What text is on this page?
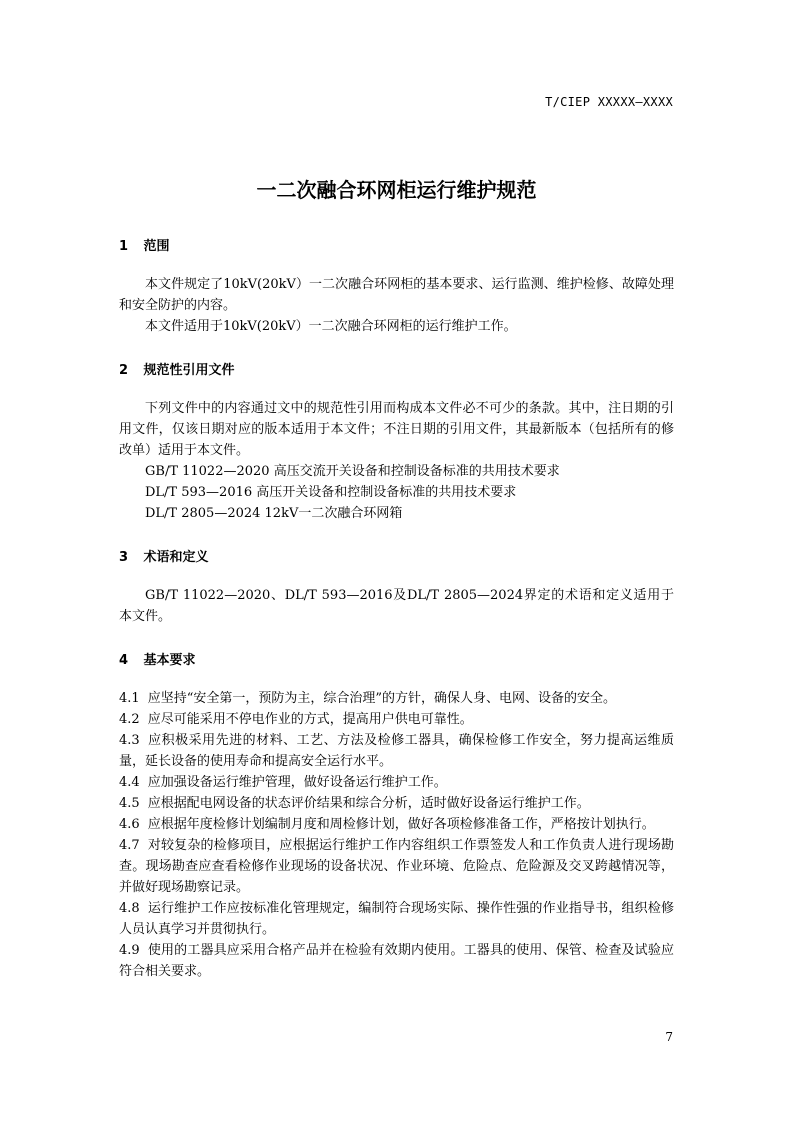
T/CIEP XXXXX—XXXX
一二次融合环网柜运行维护规范
1 范围

本文件规定了10kV(20kV）一二次融合环网柜的基本要求、运行监测、维护检修、故障处理和安全防护的内容。

本文件适用于10kV(20kV）一二次融合环网柜的运行维护工作。

2 规范性引用文件

下列文件中的内容通过文中的规范性引用而构成本文件必不可少的条款。其中，注日期的引用文件，仅该日期对应的版本适用于本文件；不注日期的引用文件，其最新版本（包括所有的修改单）适用于本文件。

GB/T 11022—2020 高压交流开关设备和控制设备标准的共用技术要求

DL/T 593—2016 高压开关设备和控制设备标准的共用技术要求

DL/T 2805—2024 12kV一二次融合环网箱

3 术语和定义

GB/T 11022—2020、DL/T 593—2016及DL/T 2805—2024界定的术语和定义适用于本文件。

4 基本要求

4.1 应坚持“安全第一，预防为主，综合治理”的方针，确保人身、电网、设备的安全。

4.2 应尽可能采用不停电作业的方式，提高用户供电可靠性。

4.3 应积极采用先进的材料、工艺、方法及检修工器具，确保检修工作安全，努力提高运维质量，延长设备的使用寿命和提高安全运行水平。

4.4 应加强设备运行维护管理，做好设备运行维护工作。

4.5 应根据配电网设备的状态评价结果和综合分析，适时做好设备运行维护工作。

4.6 应根据年度检修计划编制月度和周检修计划，做好各项检修准备工作，严格按计划执行。

4.7 对较复杂的检修项目，应根据运行维护工作内容组织工作票签发人和工作负责人进行现场勘查。现场勘查应查看检修作业现场的设备状况、作业环境、危险点、危险源及交叉跨越情况等，并做好现场勘察记录。

4.8 运行维护工作应按标准化管理规定，编制符合现场实际、操作性强的作业指导书，组织检修人员认真学习并贯彻执行。

4.9 使用的工器具应采用合格产品并在检验有效期内使用。工器具的使用、保管、检查及试验应符合相关要求。

7
